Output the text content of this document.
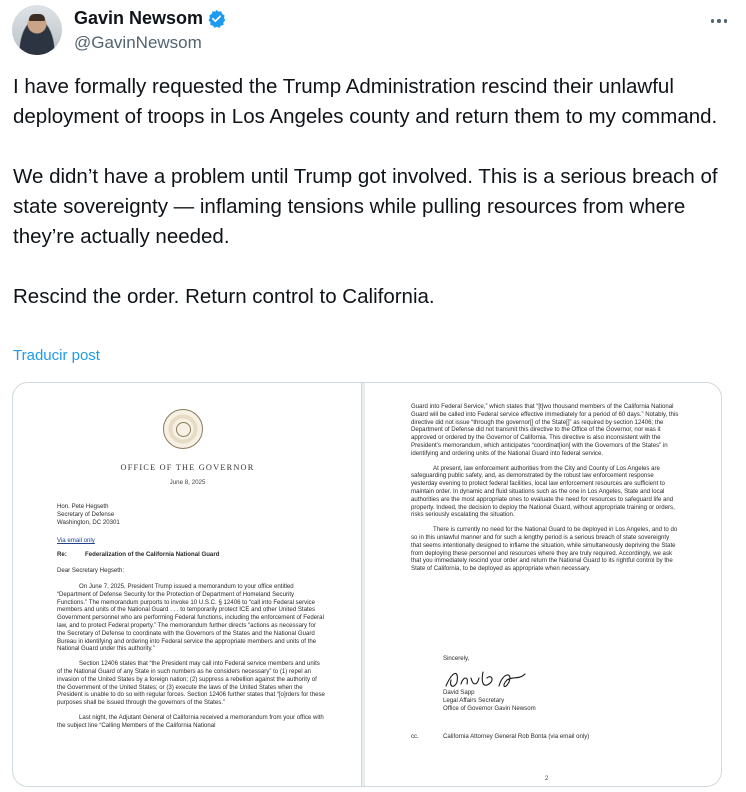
Gavin Newsom
@GavinNewsom

I have formally requested the Trump Administration rescind their unlawful deployment of troops in Los Angeles county and return them to my command.

We didn’t have a problem until Trump got involved. This is a serious breach of state sovereignty — inflaming tensions while pulling resources from where they’re actually needed.

Rescind the order. Return control to California.

Traducir post
OFFICE OF THE GOVERNOR
June 8, 2025
Hon. Pete Hegseth
Secretary of Defense
Washington, DC 20301
Via email only
Re:	Federalization of the California National Guard
Dear Secretary Hegseth:

On June 7, 2025, President Trump issued a memorandum to your office entitled “Department of Defense Security for the Protection of Department of Homeland Security Functions.” The memorandum purports to invoke 10 U.S.C. § 12406 to “call into Federal service members and units of the National Guard . . . to temporarily protect ICE and other United States Government personnel who are performing Federal functions, including the enforcement of Federal law, and to protect Federal property.” The memorandum further directs “actions as necessary for the Secretary of Defense to coordinate with the Governors of the States and the National Guard Bureau in identifying and ordering into Federal service the appropriate members and units of the National Guard under this authority.”

Section 12406 states that “the President may call into Federal service members and units of the National Guard of any State in such numbers as he considers necessary” to (1) repel an invasion of the United States by a foreign nation; (2) suppress a rebellion against the authority of the Government of the United States; or (3) execute the laws of the United States when the President is unable to do so with regular forces. Section 12406 further states that “[o]rders for these purposes shall be issued through the governors of the States.”

Last night, the Adjutant General of California received a memorandum from your office with the subject line “Calling Members of the California National

Guard into Federal Service,” which states that “[t]wo thousand members of the California National Guard will be called into Federal service effective immediately for a period of 60 days.” Notably, this directive did not issue “through the governor[] of the State[]” as required by section 12406; the Department of Defense did not transmit this directive to the Office of the Governor, nor was it approved or ordered by the Governor of California. This directive is also inconsistent with the President’s memorandum, which anticipates “coordinat[ion] with the Governors of the States” in identifying and ordering units of the National Guard into federal service.

At present, law enforcement authorities from the City and County of Los Angeles are safeguarding public safety, and, as demonstrated by the robust law enforcement response yesterday evening to protect federal facilities, local law enforcement resources are sufficient to maintain order. In dynamic and fluid situations such as the one in Los Angeles, State and local authorities are the most appropriate ones to evaluate the need for resources to safeguard life and property. Indeed, the decision to deploy the National Guard, without appropriate training or orders, risks seriously escalating the situation.

There is currently no need for the National Guard to be deployed in Los Angeles, and to do so in this unlawful manner and for such a lengthy period is a serious breach of state sovereignty that seems intentionally designed to inflame the situation, while simultaneously depriving the State from deploying these personnel and resources where they are truly required. Accordingly, we ask that you immediately rescind your order and return the National Guard to its rightful control by the State of California, to be deployed as appropriate when necessary.

Sincerely,
David Sapp
Legal Affairs Secretary
Office of Governor Gavin Newsom
cc.	California Attorney General Rob Bonta (via email only)
2
